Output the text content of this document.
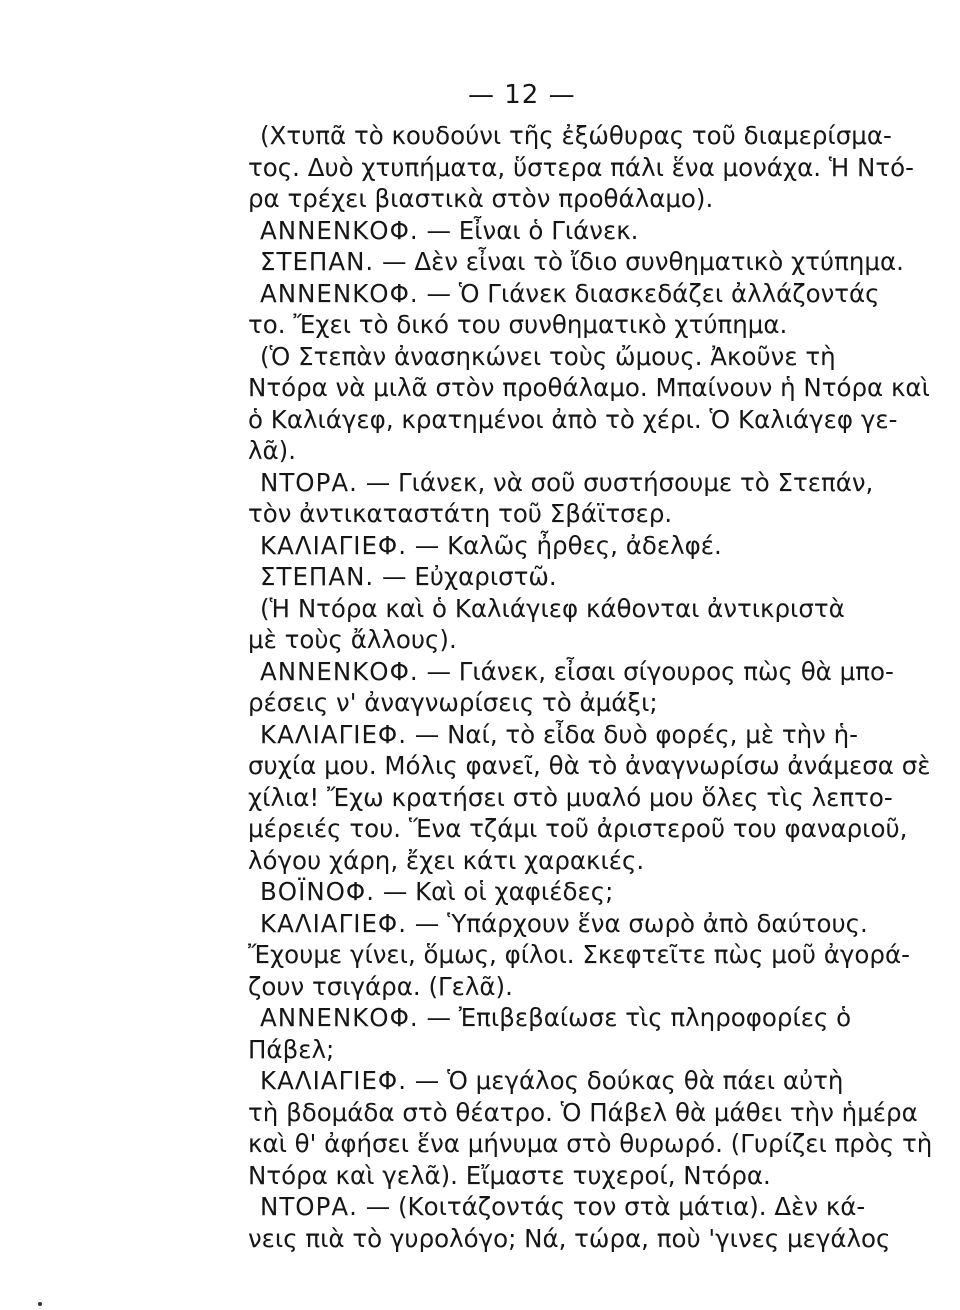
— 12 —
(Χτυπᾶ τὸ κουδούνι τῆς ἐξώθυρας τοῦ διαμερίσμα-
τος. Δυὸ χτυπήματα, ὕστερα πάλι ἕνα μονάχα. Ἡ Ντό-
ρα τρέχει βιαστικὰ στὸν προθάλαμο).
ΑΝΝΕΝΚΟΦ. — Εἶναι ὁ Γιάνεκ.
ΣΤΕΠΑΝ. — Δὲν εἶναι τὸ ἴδιο συνθηματικὸ χτύπημα.
ΑΝΝΕΝΚΟΦ. — Ὁ Γιάνεκ διασκεδάζει ἀλλάζοντάς
το. Ἔχει τὸ δικό του συνθηματικὸ χτύπημα.
(Ὁ Στεπὰν ἀνασηκώνει τοὺς ὤμους. Ἀκοῦνε τὴ
Ντόρα νὰ μιλᾶ στὸν προθάλαμο. Μπαίνουν ἡ Ντόρα καὶ
ὁ Καλιάγεφ, κρατημένοι ἀπὸ τὸ χέρι. Ὁ Καλιάγεφ γε-
λᾶ).
ΝΤΟΡΑ. — Γιάνεκ, νὰ σοῦ συστήσουμε τὸ Στεπάν,
τὸν ἀντικαταστάτη τοῦ Σβάϊτσερ.
ΚΑΛΙΑΓΙΕΦ. — Καλῶς ἦρθες, ἀδελφέ.
ΣΤΕΠΑΝ. — Εὐχαριστῶ.
(Ἡ Ντόρα καὶ ὁ Καλιάγιεφ κάθονται ἀντικριστὰ
μὲ τοὺς ἄλλους).
ΑΝΝΕΝΚΟΦ. — Γιάνεκ, εἶσαι σίγουρος πὼς θὰ μπο-
ρέσεις ν' ἀναγνωρίσεις τὸ ἀμάξι;
ΚΑΛΙΑΓΙΕΦ. — Ναί, τὸ εἶδα δυὸ φορές, μὲ τὴν ἡ-
συχία μου. Μόλις φανεῖ, θὰ τὸ ἀναγνωρίσω ἀνάμεσα σὲ
χίλια! Ἔχω κρατήσει στὸ μυαλό μου ὅλες τὶς λεπτο-
μέρειές του. Ἕνα τζάμι τοῦ ἀριστεροῦ του φαναριοῦ,
λόγου χάρη, ἔχει κάτι χαρακιές.
ΒΟΪΝΟΦ. — Καὶ οἱ χαφιέδες;
ΚΑΛΙΑΓΙΕΦ. — Ὑπάρχουν ἕνα σωρὸ ἀπὸ δαύτους.
Ἔχουμε γίνει, ὅμως, φίλοι. Σκεφτεῖτε πὼς μοῦ ἀγορά-
ζουν τσιγάρα. (Γελᾶ).
ΑΝΝΕΝΚΟΦ. — Ἐπιβεβαίωσε τὶς πληροφορίες ὁ
Πάβελ;
ΚΑΛΙΑΓΙΕΦ. — Ὁ μεγάλος δούκας θὰ πάει αὐτὴ
τὴ βδομάδα στὸ θέατρο. Ὁ Πάβελ θὰ μάθει τὴν ἡμέρα
καὶ θ' ἀφήσει ἕνα μήνυμα στὸ θυρωρό. (Γυρίζει πρὸς τὴ
Ντόρα καὶ γελᾶ). Εἴμαστε τυχεροί, Ντόρα.
ΝΤΟΡΑ. — (Κοιτάζοντάς τον στὰ μάτια). Δὲν κά-
νεις πιὰ τὸ γυρολόγο; Νά, τώρα, ποὺ 'γινες μεγάλος
